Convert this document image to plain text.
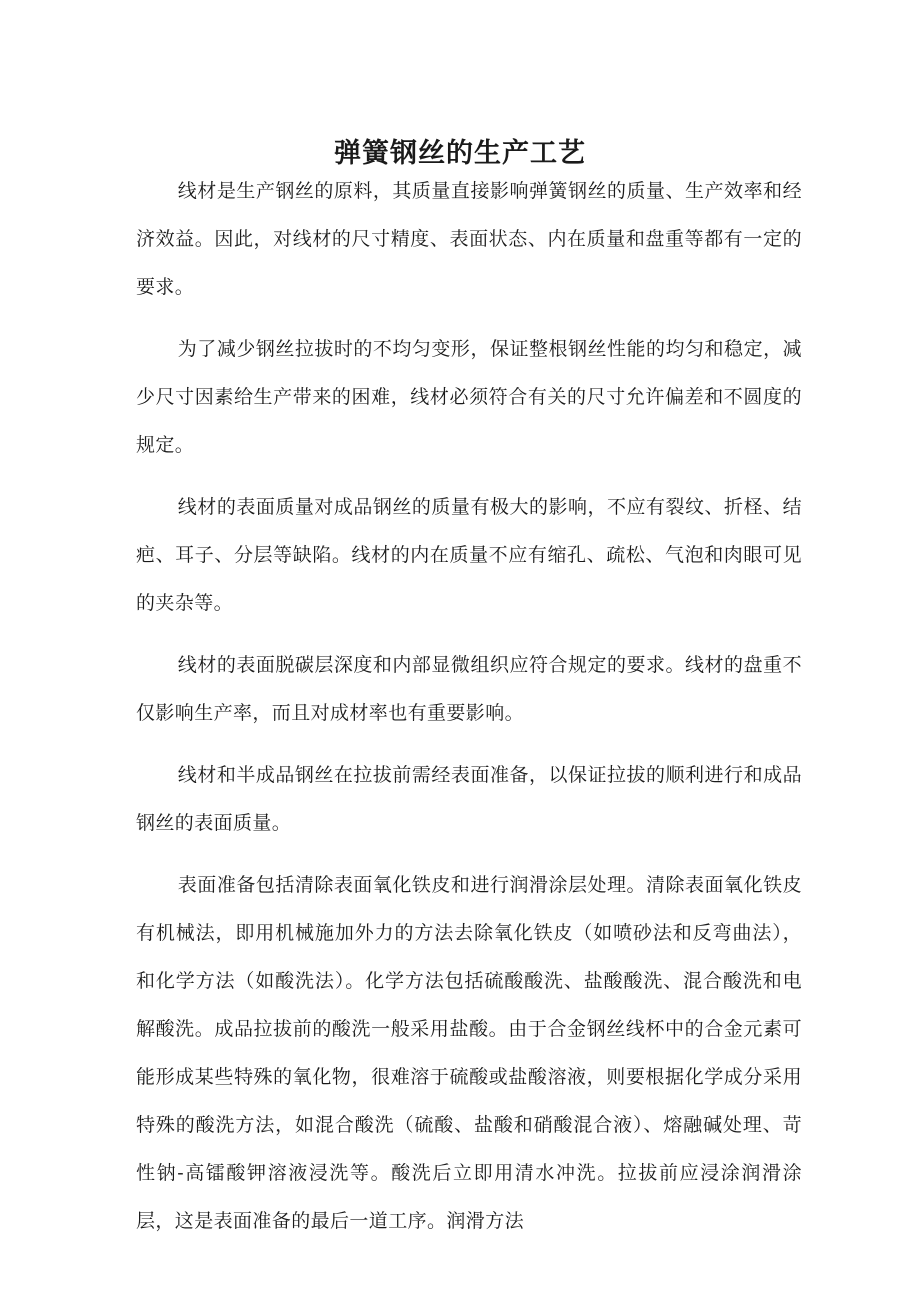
弹簧钢丝的生产工艺

线材是生产钢丝的原料，其质量直接影响弹簧钢丝的质量、生产效率和经济效益。因此，对线材的尺寸精度、表面状态、内在质量和盘重等都有一定的要求。

为了减少钢丝拉拔时的不均匀变形，保证整根钢丝性能的均匀和稳定，减少尺寸因素给生产带来的困难，线材必须符合有关的尺寸允许偏差和不圆度的规定。

线材的表面质量对成品钢丝的质量有极大的影响，不应有裂纹、折柽、结疤、耳子、分层等缺陷。线材的内在质量不应有缩孔、疏松、气泡和肉眼可见的夹杂等。

线材的表面脱碳层深度和内部显微组织应符合规定的要求。线材的盘重不仅影响生产率，而且对成材率也有重要影响。

线材和半成品钢丝在拉拔前需经表面准备，以保证拉拔的顺利进行和成品钢丝的表面质量。

表面准备包括清除表面氧化铁皮和进行润滑涂层处理。清除表面氧化铁皮有机械法，即用机械施加外力的方法去除氧化铁皮（如喷砂法和反弯曲法），和化学方法（如酸洗法）。化学方法包括硫酸酸洗、盐酸酸洗、混合酸洗和电解酸洗。成品拉拔前的酸洗一般采用盐酸。由于合金钢丝线杯中的合金元素可能形成某些特殊的氧化物，很难溶于硫酸或盐酸溶液，则要根据化学成分采用特殊的酸洗方法，如混合酸洗（硫酸、盐酸和硝酸混合液）、熔融碱处理、苛性钠-高镭酸钾溶液浸洗等。酸洗后立即用清水冲洗。拉拔前应浸涂润滑涂层，这是表面准备的最后一道工序。润滑方法
